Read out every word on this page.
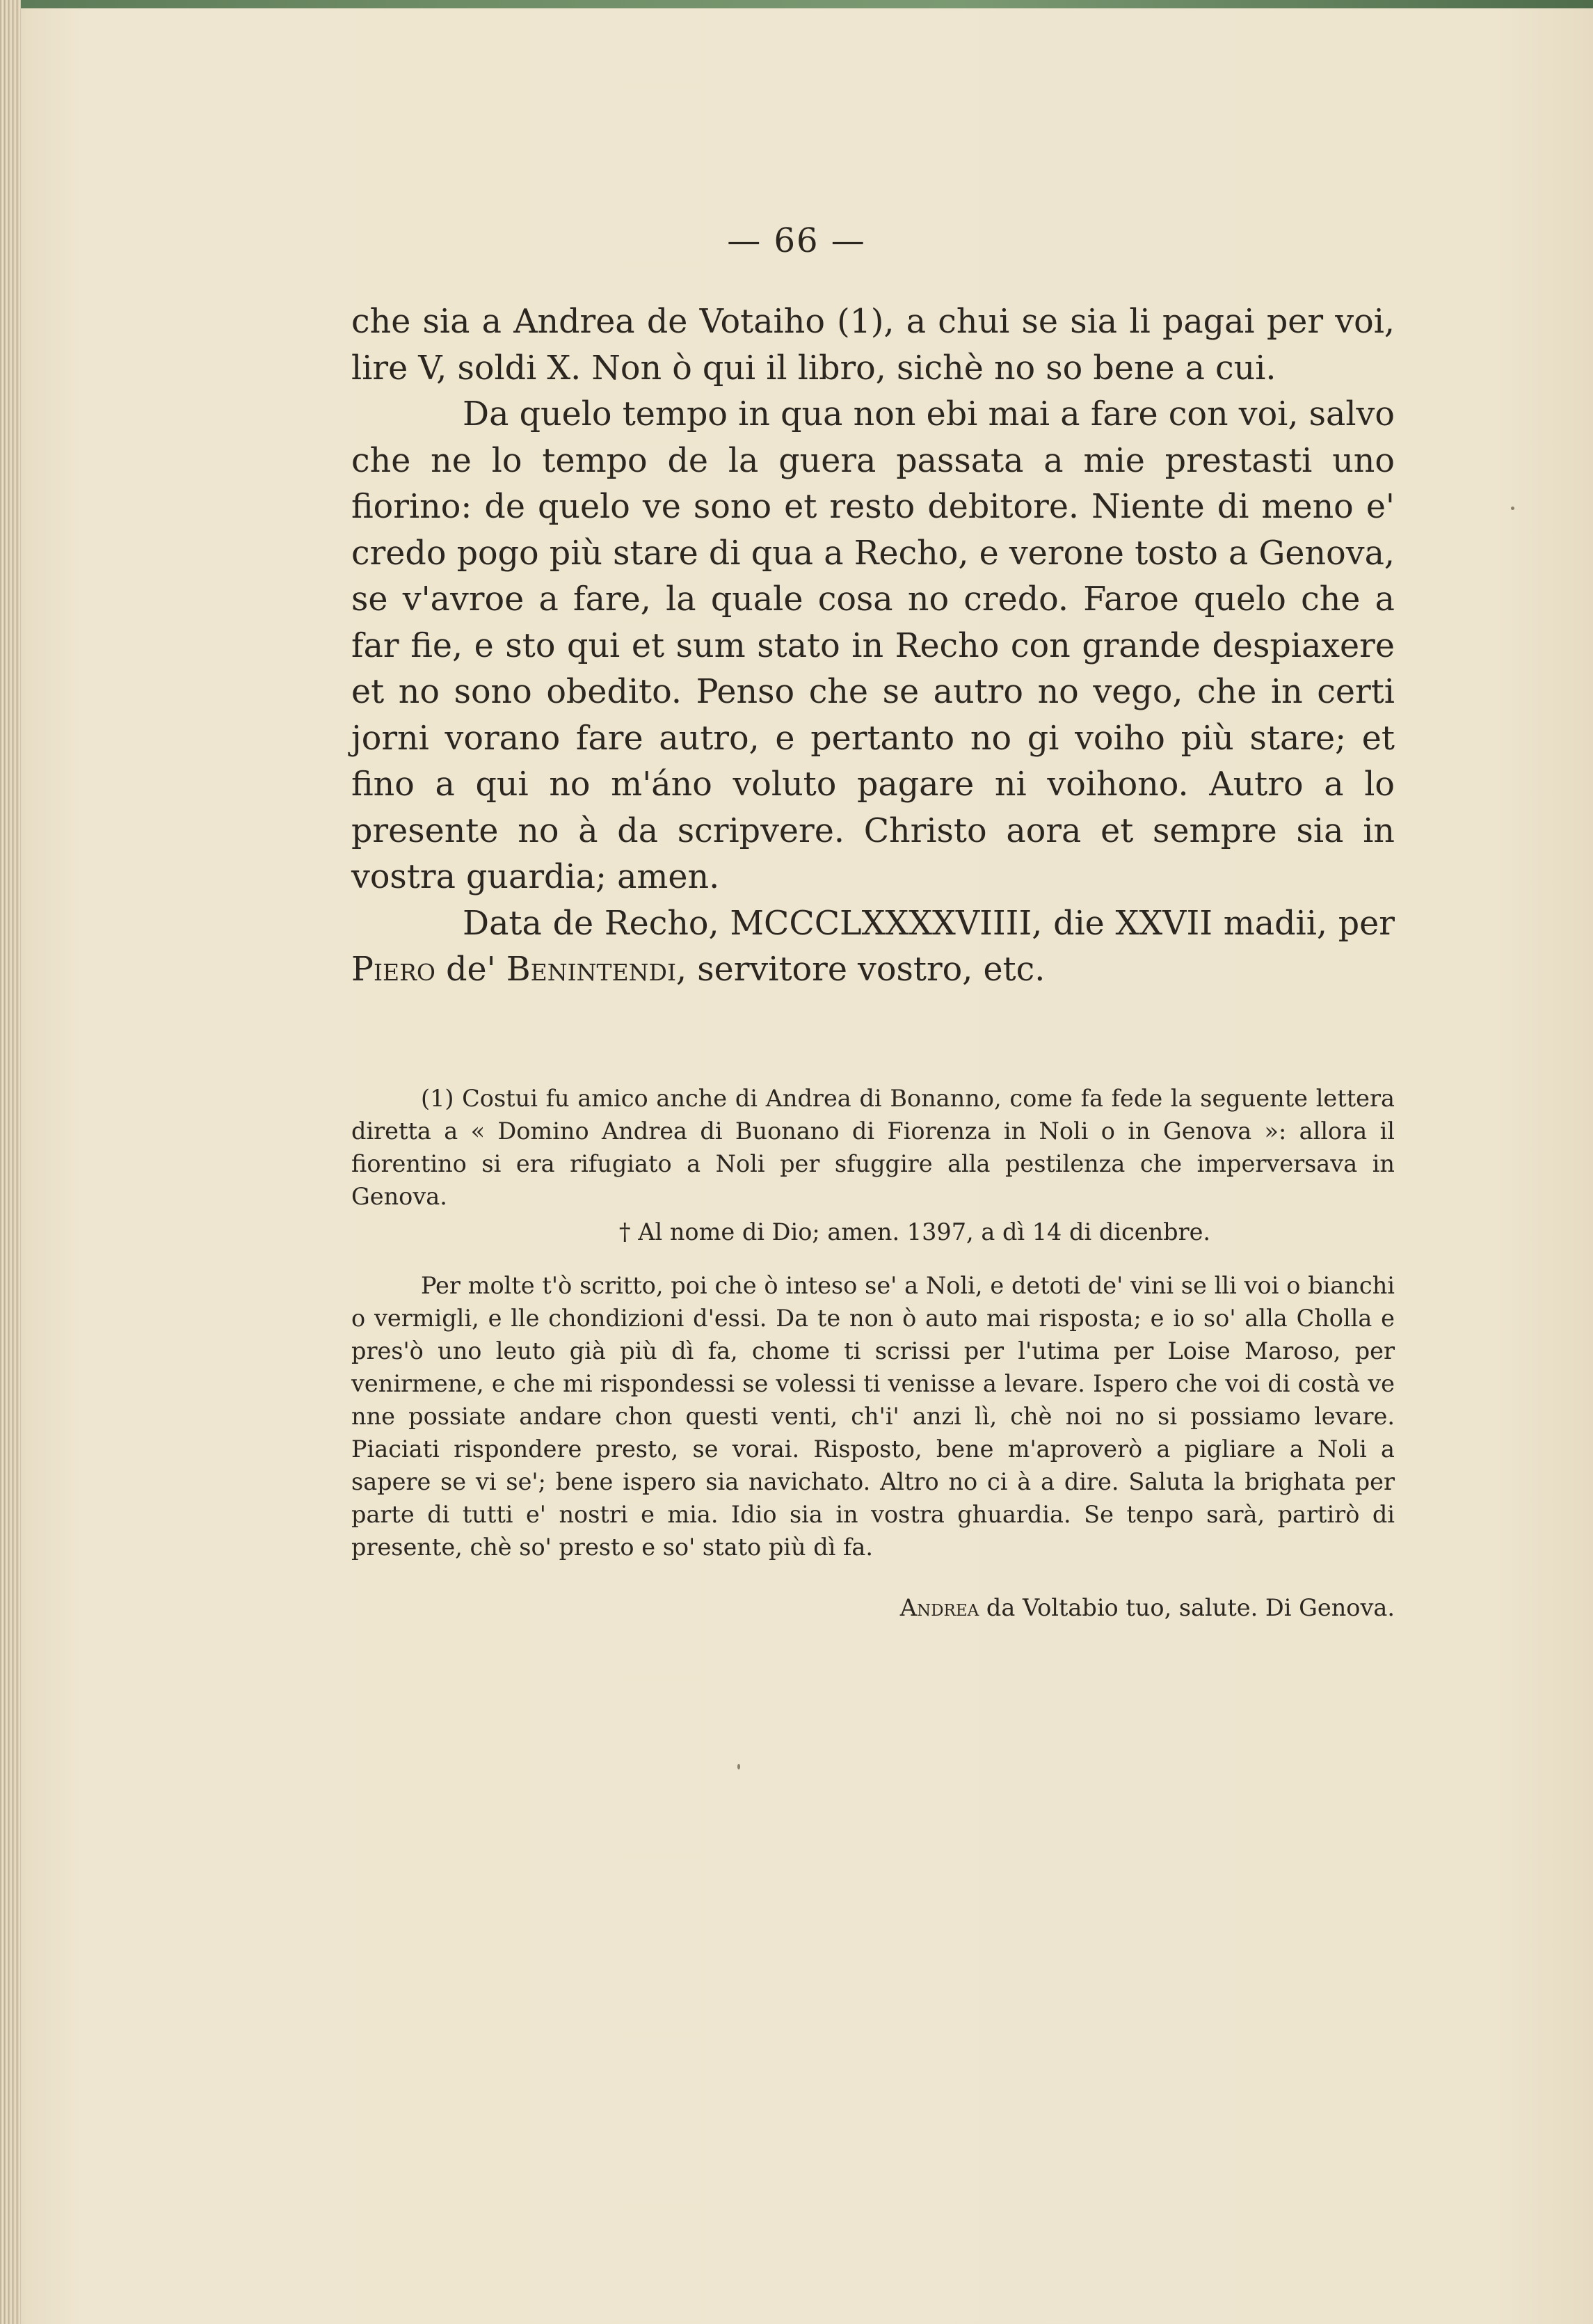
— 66 —

che sia a Andrea de Votaiho (1), a chui se sia li pagai per voi, lire V, soldi X. Non ò qui il libro, sichè no so bene a cui.

Da quelo tempo in qua non ebi mai a fare con voi, salvo che ne lo tempo de la guera passata a mie prestasti uno fiorino: de quelo ve sono et resto debitore. Niente di meno e' credo pogo più stare di qua a Recho, e verone tosto a Genova, se v'avroe a fare, la quale cosa no credo. Faroe quelo che a far fie, e sto qui et sum stato in Recho con grande despiaxere et no sono obedito. Penso che se autro no vego, che in certi jorni vorano fare autro, e pertanto no gi voiho più stare; et fino a qui no m'áno voluto pagare ni voihono. Autro a lo presente no à da scripvere. Christo aora et sempre sia in vostra guardia; amen.

Data de Recho, MCCCLXXXXVIIII, die XXVII madii, per Piero de' Benintendi, servitore vostro, etc.

(1) Costui fu amico anche di Andrea di Bonanno, come fa fede la seguente lettera diretta a « Domino Andrea di Buonano di Fiorenza in Noli o in Genova »: allora il fiorentino si era rifugiato a Noli per sfuggire alla pestilenza che imperversava in Genova.

† Al nome di Dio; amen. 1397, a dì 14 di dicenbre.

Per molte t'ò scritto, poi che ò inteso se' a Noli, e detoti de' vini se lli voi o bianchi o vermigli, e lle chondizioni d'essi. Da te non ò auto mai risposta; e io so' alla Cholla e pres'ò uno leuto già più dì fa, chome ti scrissi per l'utima per Loise Maroso, per venirmene, e che mi rispondessi se volessi ti venisse a levare. Ispero che voi di costà ve nne possiate andare chon questi venti, ch'i' anzi lì, chè noi no si possiamo levare. Piaciati rispondere presto, se vorai. Risposto, bene m'aproverò a pigliare a Noli a sapere se vi se'; bene ispero sia navichato. Altro no ci à a dire. Saluta la brighata per parte di tutti e' nostri e mia. Idio sia in vostra ghuardia. Se tenpo sarà, partirò di presente, chè so' presto e so' stato più dì fa.

Andrea da Voltabio tuo, salute. Di Genova.
